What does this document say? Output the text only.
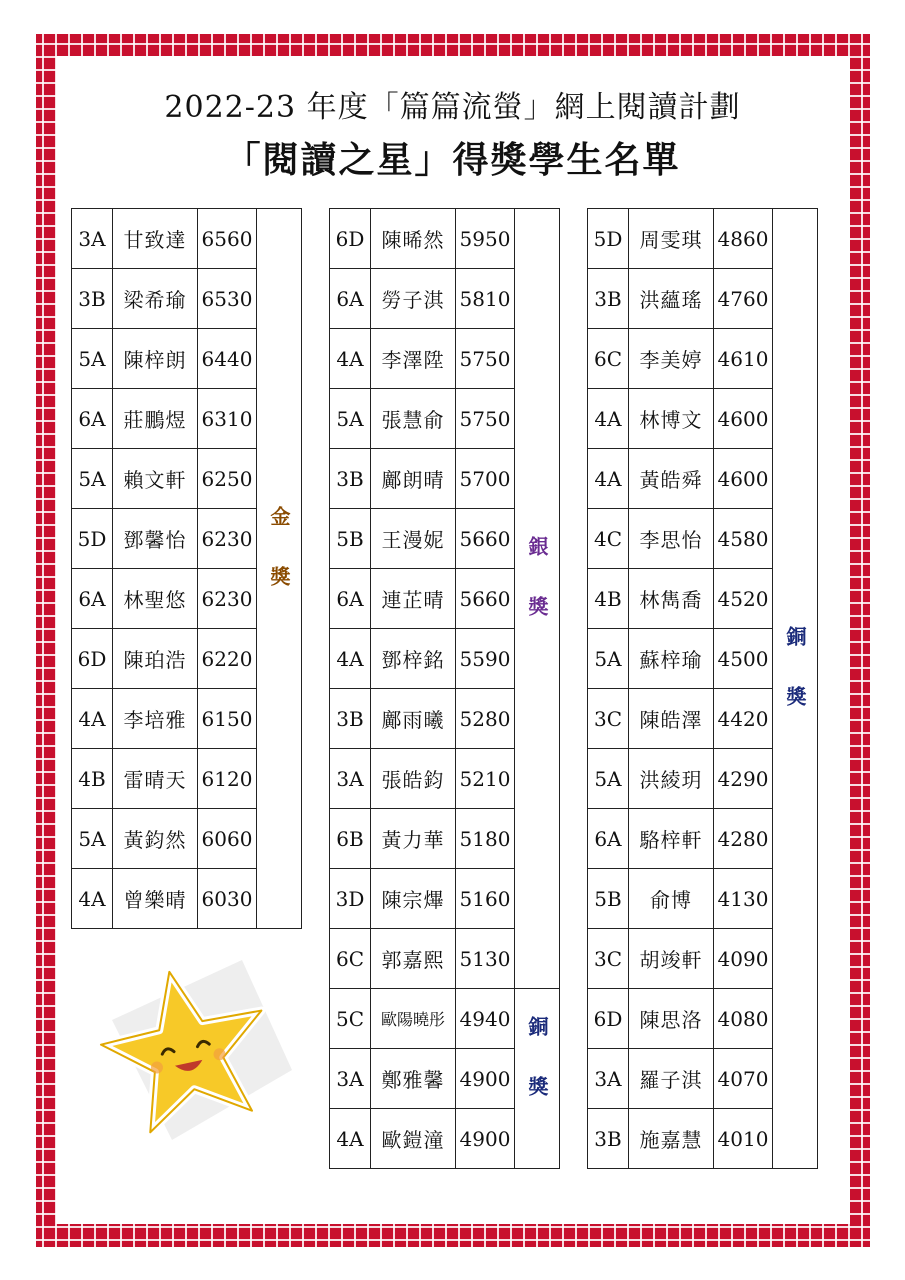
2022-23 年度「篇篇流螢」網上閱讀計劃
「閱讀之星」得獎學生名單
3A	甘致達	6560	金獎
3B	梁希瑜	6530	
5A	陳梓朗	6440	
6A	莊鵬煜	6310	
5A	賴文軒	6250	
5D	鄧馨怡	6230	
6A	林聖悠	6230	
6D	陳珀浩	6220	
4A	李培雅	6150	
4B	雷晴天	6120	
5A	黃鈞然	6060	
4A	曾樂晴	6030	
6D	陳晞然	5950	銀獎
6A	勞子淇	5810	
4A	李澤陞	5750	
5A	張慧俞	5750	
3B	鄺朗晴	5700	
5B	王漫妮	5660	
6A	連芷晴	5660	
4A	鄧梓銘	5590	
3B	鄺雨曦	5280	
3A	張皓鈞	5210	
6B	黃力華	5180	
3D	陳宗熚	5160	
6C	郭嘉熙	5130	
5C	歐陽曉彤	4940	銅獎
3A	鄭雅馨	4900	
4A	歐鎧潼	4900	
5D	周雯琪	4860	銅獎
3B	洪蘊瑤	4760	
6C	李美婷	4610	
4A	林博文	4600	
4A	黃皓舜	4600	
4C	李思怡	4580	
4B	林雋喬	4520	
5A	蘇梓瑜	4500	
3C	陳皓澤	4420	
5A	洪綾玥	4290	
6A	駱梓軒	4280	
5B	俞博	4130	
3C	胡竣軒	4090	
6D	陳思洛	4080	
3A	羅子淇	4070	
3B	施嘉慧	4010	
